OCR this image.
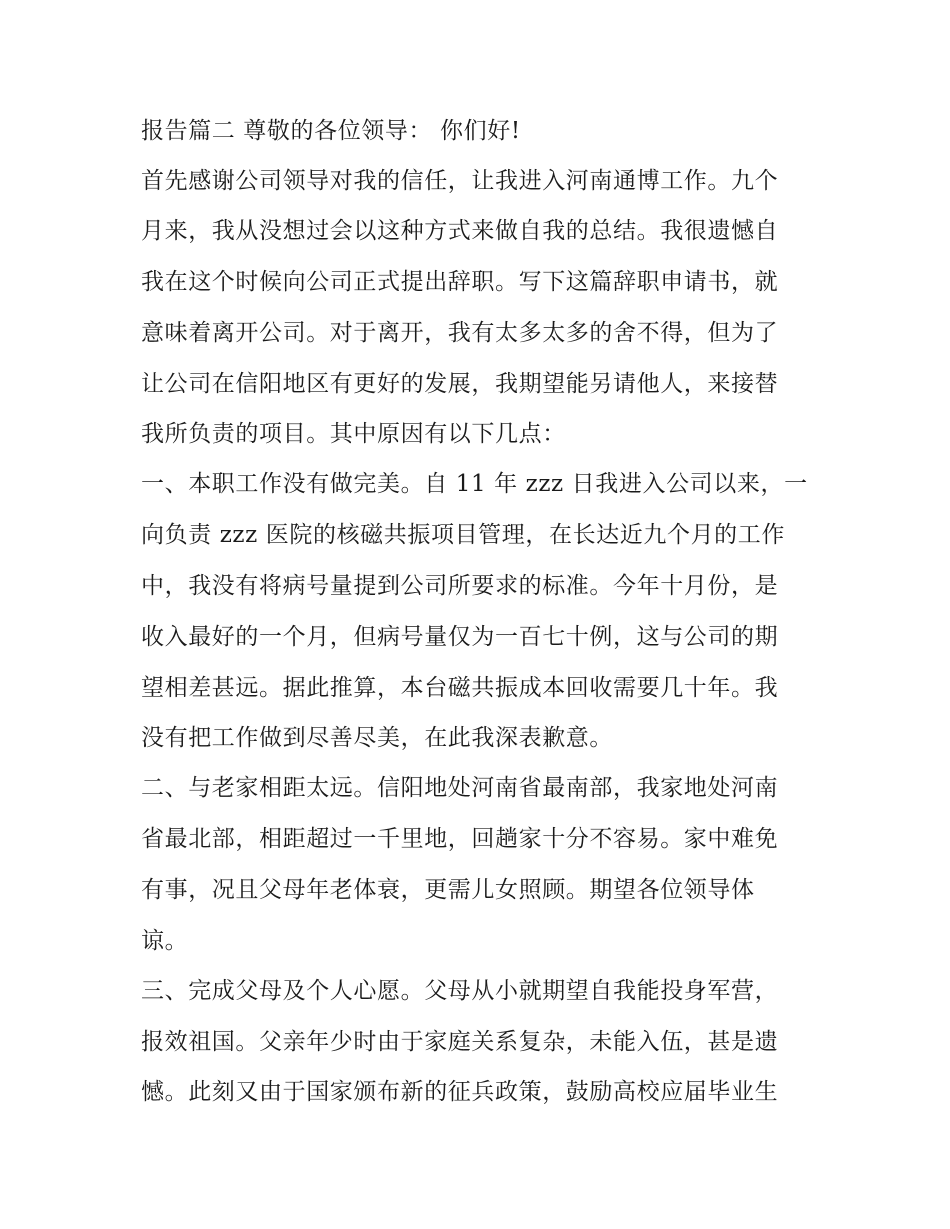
报告篇二 尊敬的各位领导： 你们好!
首先感谢公司领导对我的信任，让我进入河南通博工作。九个
月来，我从没想过会以这种方式来做自我的总结。我很遗憾自
我在这个时候向公司正式提出辞职。写下这篇辞职申请书，就
意味着离开公司。对于离开，我有太多太多的舍不得，但为了
让公司在信阳地区有更好的发展，我期望能另请他人，来接替
我所负责的项目。其中原因有以下几点：
一、本职工作没有做完美。自 11 年 zzz 日我进入公司以来，一
向负责 zzz 医院的核磁共振项目管理，在长达近九个月的工作
中，我没有将病号量提到公司所要求的标准。今年十月份，是
收入最好的一个月，但病号量仅为一百七十例，这与公司的期
望相差甚远。据此推算，本台磁共振成本回收需要几十年。我
没有把工作做到尽善尽美，在此我深表歉意。
二、与老家相距太远。信阳地处河南省最南部，我家地处河南
省最北部，相距超过一千里地，回趟家十分不容易。家中难免
有事，况且父母年老体衰，更需儿女照顾。期望各位领导体
谅。
三、完成父母及个人心愿。父母从小就期望自我能投身军营，
报效祖国。父亲年少时由于家庭关系复杂，未能入伍，甚是遗
憾。此刻又由于国家颁布新的征兵政策，鼓励高校应届毕业生
